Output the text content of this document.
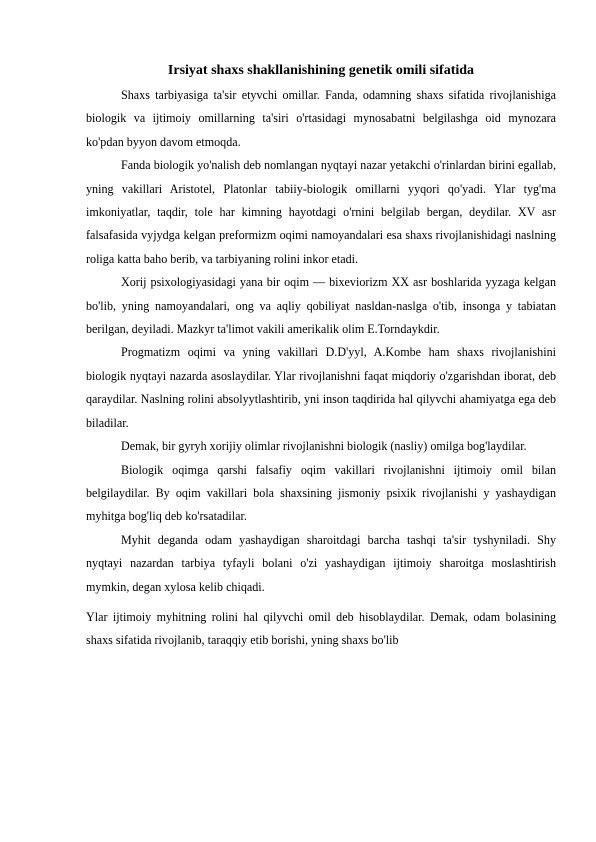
Irsiyat shaxs shakllanishining genetik omili sifatida

Shaxs tarbiyasiga ta'sir etyvchi omillar. Fanda, odamning shaxs sifatida rivojlanishiga biologik va ijtimoiy omillarning ta'siri o'rtasidagi mynosabatni belgilashga oid mynozara ko'pdan byyon davom etmoqda.

Fanda biologik yo'nalish deb nomlangan nyqtayi nazar yetakchi o'rinlardan birini egallab, yning vakillari Aristotel, Platonlar tabiiy-biologik omillarni yyqori qo'yadi. Ylar tyg'ma imkoniyatlar, taqdir, tole har kimning hayotdagi o'rnini belgilab bergan, deydilar. XV asr falsafasida vyjydga kelgan preformizm oqimi namoyandalari esa shaxs rivojlanishidagi naslning roliga katta baho berib, va tarbiyaning rolini inkor etadi.

Xorij psixologiyasidagi yana bir oqim — bixeviorizm XX asr boshlarida yyzaga kelgan bo'lib, yning namoyandalari, ong va aqliy qobiliyat nasldan-naslga o'tib, insonga y tabiatan berilgan, deyiladi. Mazkyr ta'limot vakili amerikalik olim E.Torndaykdir.

Progmatizm oqimi va yning vakillari D.D'yyl, A.Kombe ham shaxs rivojlanishini biologik nyqtayi nazarda asoslaydilar. Ylar rivojlanishni faqat miqdoriy o'zgarishdan iborat, deb qaraydilar. Naslning rolini absolyytlashtirib, yni inson taqdirida hal qilyvchi ahamiyatga ega deb biladilar.

Demak, bir gyryh xorijiy olimlar rivojlanishni biologik (nasliy) omilga bog'laydilar.

Biologik oqimga qarshi falsafiy oqim vakillari rivojlanishni ijtimoiy omil bilan belgilaydilar. By oqim vakillari bola shaxsining jismoniy psixik rivojlanishi y yashaydigan myhitga bog'liq deb ko'rsatadilar.

Myhit deganda odam yashaydigan sharoitdagi barcha tashqi ta'sir tyshyniladi. Shy nyqtayi nazardan tarbiya tyfayli bolani o'zi yashaydigan ijtimoiy sharoitga moslashtirish mymkin, degan xylosa kelib chiqadi.

Ylar ijtimoiy myhitning rolini hal qilyvchi omil deb hisoblaydilar. Demak, odam bolasining shaxs sifatida rivojlanib, taraqqiy etib borishi, yning shaxs bo'lib
